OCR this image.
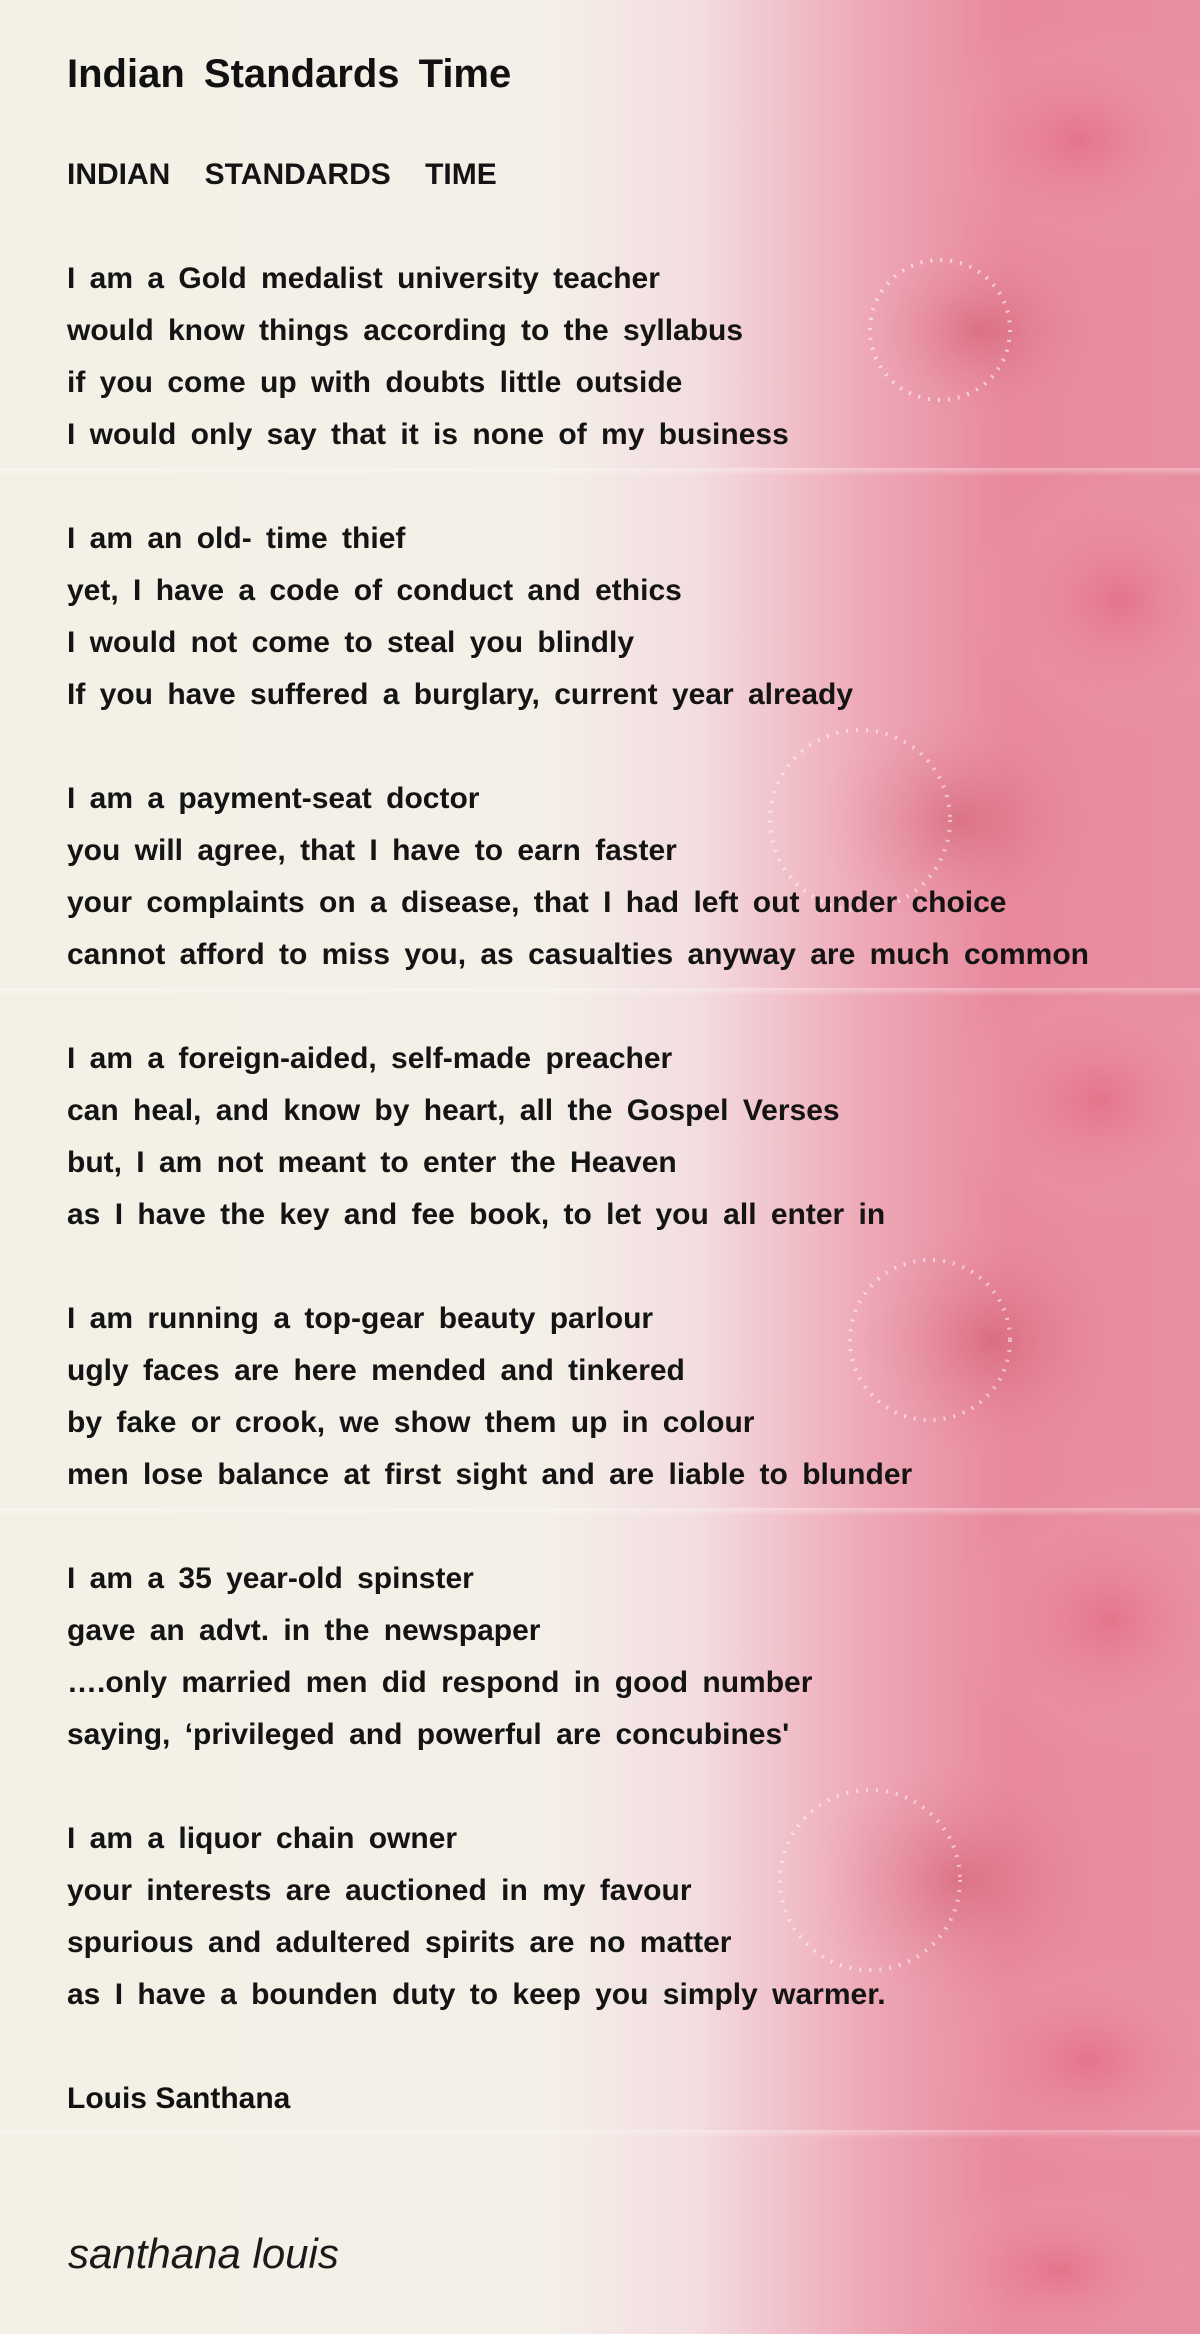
Indian Standards Time
INDIAN STANDARDS TIME
I am a Gold medalist university teacher
would know things according to the syllabus
if you come up with doubts little outside
I would only say that it is none of my business
I am an old- time thief
yet, I have a code of conduct and ethics
I would not come to steal you blindly
If you have suffered a burglary, current year already
I am a payment-seat doctor
you will agree, that I have to earn faster
your complaints on a disease, that I had left out under choice
cannot afford to miss you, as casualties anyway are much common
I am a foreign-aided, self-made preacher
can heal, and know by heart, all the Gospel Verses
but, I am not meant to enter the Heaven
as I have the key and fee book, to let you all enter in
I am running a top-gear beauty parlour
ugly faces are here mended and tinkered
by fake or crook, we show them up in colour
men lose balance at first sight and are liable to blunder
I am a 35 year-old spinster
gave an advt. in the newspaper
….only married men did respond in good number
saying, ‘privileged and powerful are concubines'
I am a liquor chain owner
your interests are auctioned in my favour
spurious and adultered spirits are no matter
as I have a bounden duty to keep you simply warmer.
Louis Santhana
santhana louis
